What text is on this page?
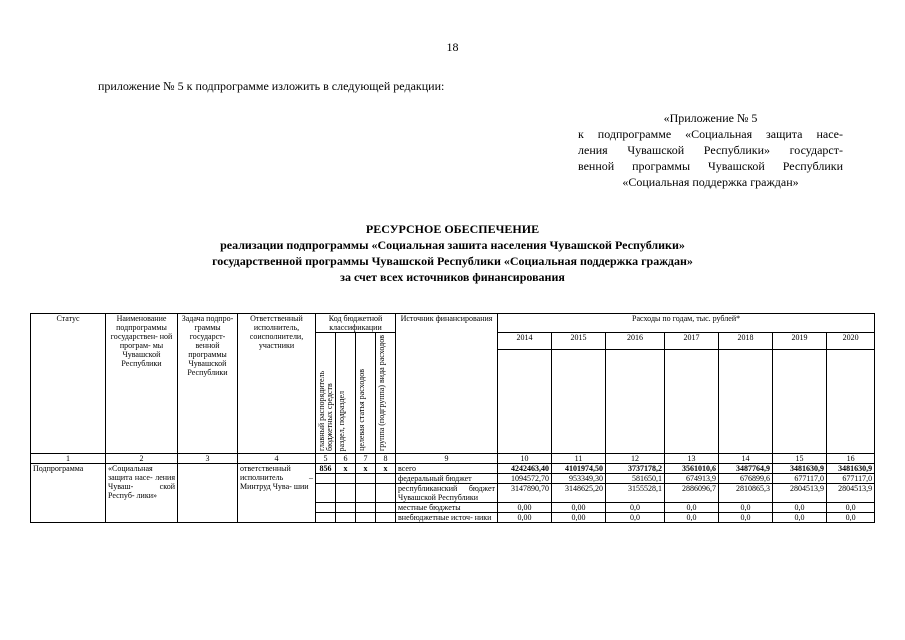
18
приложение № 5 к подпрограмме изложить в следующей редакции:
«Приложение № 5
к подпрограмме «Социальная защита насе-
ления Чувашской Республики» государст-
венной программы Чувашской Республики
«Социальная поддержка граждан»
РЕСУРСНОЕ ОБЕСПЕЧЕНИЕ
реализации подпрограммы «Социальная зашита населения Чувашской Республики»
государственной программы Чувашской Республики «Социальная поддержка граждан»
за счет всех источников финансирования
Статус	Наименование подпрограммы государствен- ной програм- мы Чувашской Республики	Задача подпро- граммы государст- венной программы Чувашской Республики	Ответственный исполнитель, соисполнители, участники	Код бюджетной классификации				Источник финансирования	Расходы по годам, тыс. рублей*						

				главный распорядитель бюджетных средств	раздел, подраздел	целевая статья расходов	группа (подгруппа) вида расходов		2014	2015	2016	2017	2018	2019	2020

1	2	3	4	5	6	7	8	9	10	11	12	13	14	15	16
Подпрограмма	«Социальная защита насе- ления Чуваш- ской Респуб- лики»		ответственный исполнитель – Минтруд Чува- шии	856	x	x	x	всего	4242463,40	4101974,50	3737178,2	3561010,6	3487764,9	3481630,9	3481630,9
								федеральный бюджет	1094572,70	953349,30	581650,1	674913,9	676899,6	677117,0	677117,0
								республиканский бюджет Чувашской Республики	3147890,70	3148625,20	3155528,1	2886096,7	2810865,3	2804513,9	2804513,9
								местные бюджеты	0,00	0,00	0,0	0,0	0,0	0,0	0,0
								внебюджетные источ- ники	0,00	0,00	0,0	0,0	0,0	0,0	0,0
